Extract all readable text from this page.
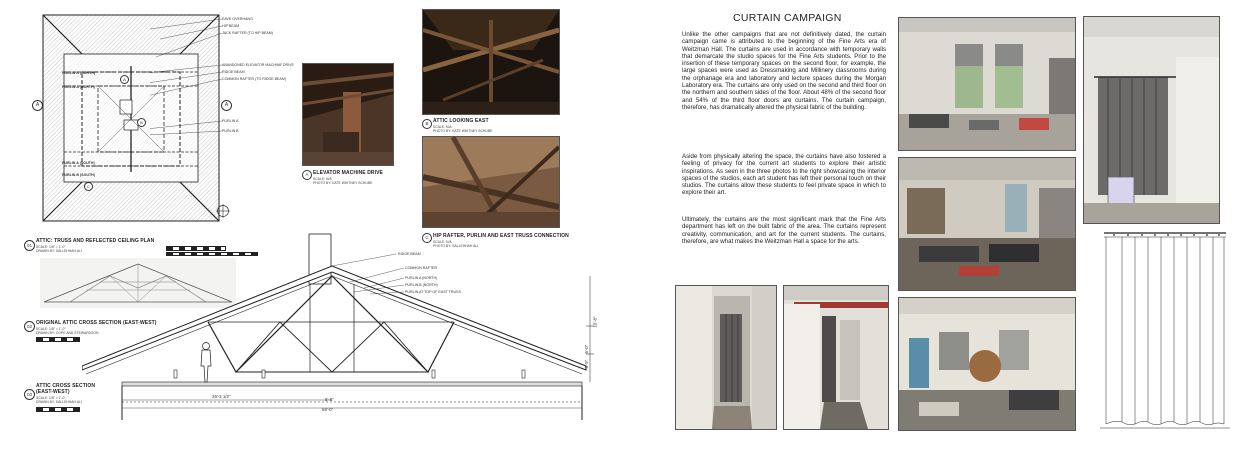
PURLIN B (NORTH)
PURLIN A (NORTH)
PURLIN A (SOUTH)
PURLIN B (SOUTH)
A	A
A
B
C
EAVE OVERHANG
HIP BEAM
JACK RAFTER (TO HIP BEAM)
ABANDONED ELEVATOR MACHINE DRIVE
RIDGE BEAM
COMMON RAFTER (TO RIDGE BEAM)
PURLIN A
PURLIN B
01
ATTIC: TRUSS AND REFLECTED CEILING PLAN
SCALE: 1/8" = 1'-0"
DRAWN BY: SALLEHHAH ALI
02
ORIGINAL ATTIC CROSS SECTION (EAST-WEST)
SCALE: 1/8" = 1'-0"
DRAWN BY: COPE AND STEWARDSON
03
ATTIC CROSS SECTION
(EAST-WEST)
SCALE: 1/8" = 1'-0"
DRAWN BY: SALLEHHAH ALI
26'-3 1/2"
5'-5"
58'-0"
10'-8"
6'-0"
5'-5"
RIDGE BEAM
COMMON RAFTER
PURLIN A (NORTH)
PURLIN B (NORTH)
PURLIN AT TOP OF EAST TRUSS
A ELEVATOR MACHINE DRIVE
SCALE: N/A
PHOTO BY: KATE WHITNEY SCHUBE
B ATTIC LOOKING EAST
SCALE: N/A
PHOTO BY: KATE WHITNEY SCHUBE
C HIP RAFTER, PURLIN AND EAST TRUSS CONNECTION
SCALE: N/A
PHOTO BY: SALLEHHAH ALI
CURTAIN CAMPAIGN

Unlike the other campaigns that are not definitively dated, the curtain campaign came is attributed to the beginning of the Fine Arts era of Weitzman Hall. The curtains are used in accordance with temporary walls that demarcate the studio spaces for the Fine Arts students. Prior to the insertion of these temporary spaces on the second floor, for example, the large spaces were used as Dressmaking and Millinery classrooms during the orphanage era and laboratory and lecture spaces during the Morgan Laboratory era. The curtains are only used on the second and third floor on the northern and southern sides of the floor. About 48% of the second floor and 54% of the third floor doors are curtains. The curtain campaign, therefore, has dramatically altered the physical fabric of the building.

Aside from physically altering the space, the curtains have also fostered a feeling of privacy for the current art students to explore their artistic inspirations. As seen in the three photos to the right showcasing the interior spaces of the studios, each art student has left their personal touch on their studios. The curtains allow these students to feel private space in which to explore their art.

Ultimately, the curtains are the most significant mark that the Fine Arts department has left on the built fabric of the area. The curtains represent creativity, communication, and art for the current students. The curtains, therefore, are what makes the Weitzman Hall a space for the arts.
